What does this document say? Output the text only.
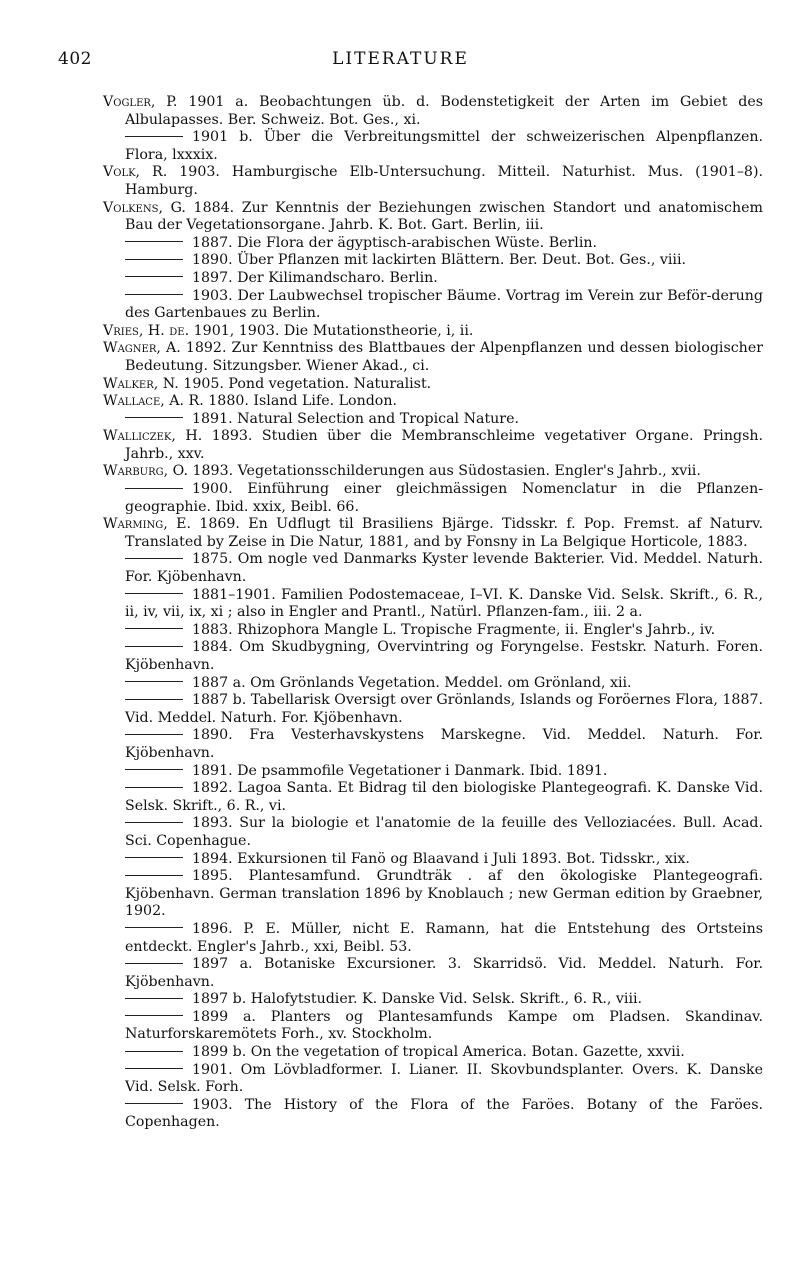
402	LITERATURE

Vogler, P. 1901 a. Beobachtungen üb. d. Bodenstetigkeit der Arten im Gebiet des Albulapasses. Ber. Schweiz. Bot. Ges., xi.

1901 b. Über die Verbreitungsmittel der schweizerischen Alpenpflanzen. Flora, lxxxix.

Volk, R. 1903. Hamburgische Elb-Untersuchung. Mitteil. Naturhist. Mus. (1901–8). Hamburg.

Volkens, G. 1884. Zur Kenntnis der Beziehungen zwischen Standort und anatomischem Bau der Vegetationsorgane. Jahrb. K. Bot. Gart. Berlin, iii.

1887. Die Flora der ägyptisch-arabischen Wüste. Berlin.

1890. Über Pflanzen mit lackirten Blättern. Ber. Deut. Bot. Ges., viii.

1897. Der Kilimandscharo. Berlin.

1903. Der Laubwechsel tropischer Bäume. Vortrag im Verein zur Beför-derung des Gartenbaues zu Berlin.

Vries, H. de. 1901, 1903. Die Mutationstheorie, i, ii.

Wagner, A. 1892. Zur Kenntniss des Blattbaues der Alpenpflanzen und dessen biologischer Bedeutung. Sitzungsber. Wiener Akad., ci.

Walker, N. 1905. Pond vegetation. Naturalist.

Wallace, A. R. 1880. Island Life. London.

1891. Natural Selection and Tropical Nature.

Walliczek, H. 1893. Studien über die Membranschleime vegetativer Organe. Pringsh. Jahrb., xxv.

Warburg, O. 1893. Vegetationsschilderungen aus Südostasien. Engler's Jahrb., xvii.

1900. Einführung einer gleichmässigen Nomenclatur in die Pflanzen-geographie. Ibid. xxix, Beibl. 66.

Warming, E. 1869. En Udflugt til Brasiliens Bjärge. Tidsskr. f. Pop. Fremst. af Naturv. Translated by Zeise in Die Natur, 1881, and by Fonsny in La Belgique Horticole, 1883.

1875. Om nogle ved Danmarks Kyster levende Bakterier. Vid. Meddel. Naturh. For. Kjöbenhavn.

1881–1901. Familien Podostemaceae, I–VI. K. Danske Vid. Selsk. Skrift., 6. R., ii, iv, vii, ix, xi ; also in Engler and Prantl., Natürl. Pflanzen-fam., iii. 2 a.

1883. Rhizophora Mangle L. Tropische Fragmente, ii. Engler's Jahrb., iv.

1884. Om Skudbygning, Overvintring og Foryngelse. Festskr. Naturh. Foren. Kjöbenhavn.

1887 a. Om Grönlands Vegetation. Meddel. om Grönland, xii.

1887 b. Tabellarisk Oversigt over Grönlands, Islands og Foröernes Flora, 1887. Vid. Meddel. Naturh. For. Kjöbenhavn.

1890. Fra Vesterhavskystens Marskegne. Vid. Meddel. Naturh. For. Kjöbenhavn.

1891. De psammofile Vegetationer i Danmark. Ibid. 1891.

1892. Lagoa Santa. Et Bidrag til den biologiske Plantegeografi. K. Danske Vid. Selsk. Skrift., 6. R., vi.

1893. Sur la biologie et l'anatomie de la feuille des Velloziacées. Bull. Acad. Sci. Copenhague.

1894. Exkursionen til Fanö og Blaavand i Juli 1893. Bot. Tidsskr., xix.

1895. Plantesamfund. Grundträk . af den ökologiske Plantegeografi. Kjöbenhavn. German translation 1896 by Knoblauch ; new German edition by Graebner, 1902.

1896. P. E. Müller, nicht E. Ramann, hat die Entstehung des Ortsteins entdeckt. Engler's Jahrb., xxi, Beibl. 53.

1897 a. Botaniske Excursioner. 3. Skarridsö. Vid. Meddel. Naturh. For. Kjöbenhavn.

1897 b. Halofytstudier. K. Danske Vid. Selsk. Skrift., 6. R., viii.

1899 a. Planters og Plantesamfunds Kampe om Pladsen. Skandinav. Naturforskaremötets Forh., xv. Stockholm.

1899 b. On the vegetation of tropical America. Botan. Gazette, xxvii.

1901. Om Lövbladformer. I. Lianer. II. Skovbundsplanter. Overs. K. Danske Vid. Selsk. Forh.

1903. The History of the Flora of the Faröes. Botany of the Faröes. Copenhagen.
